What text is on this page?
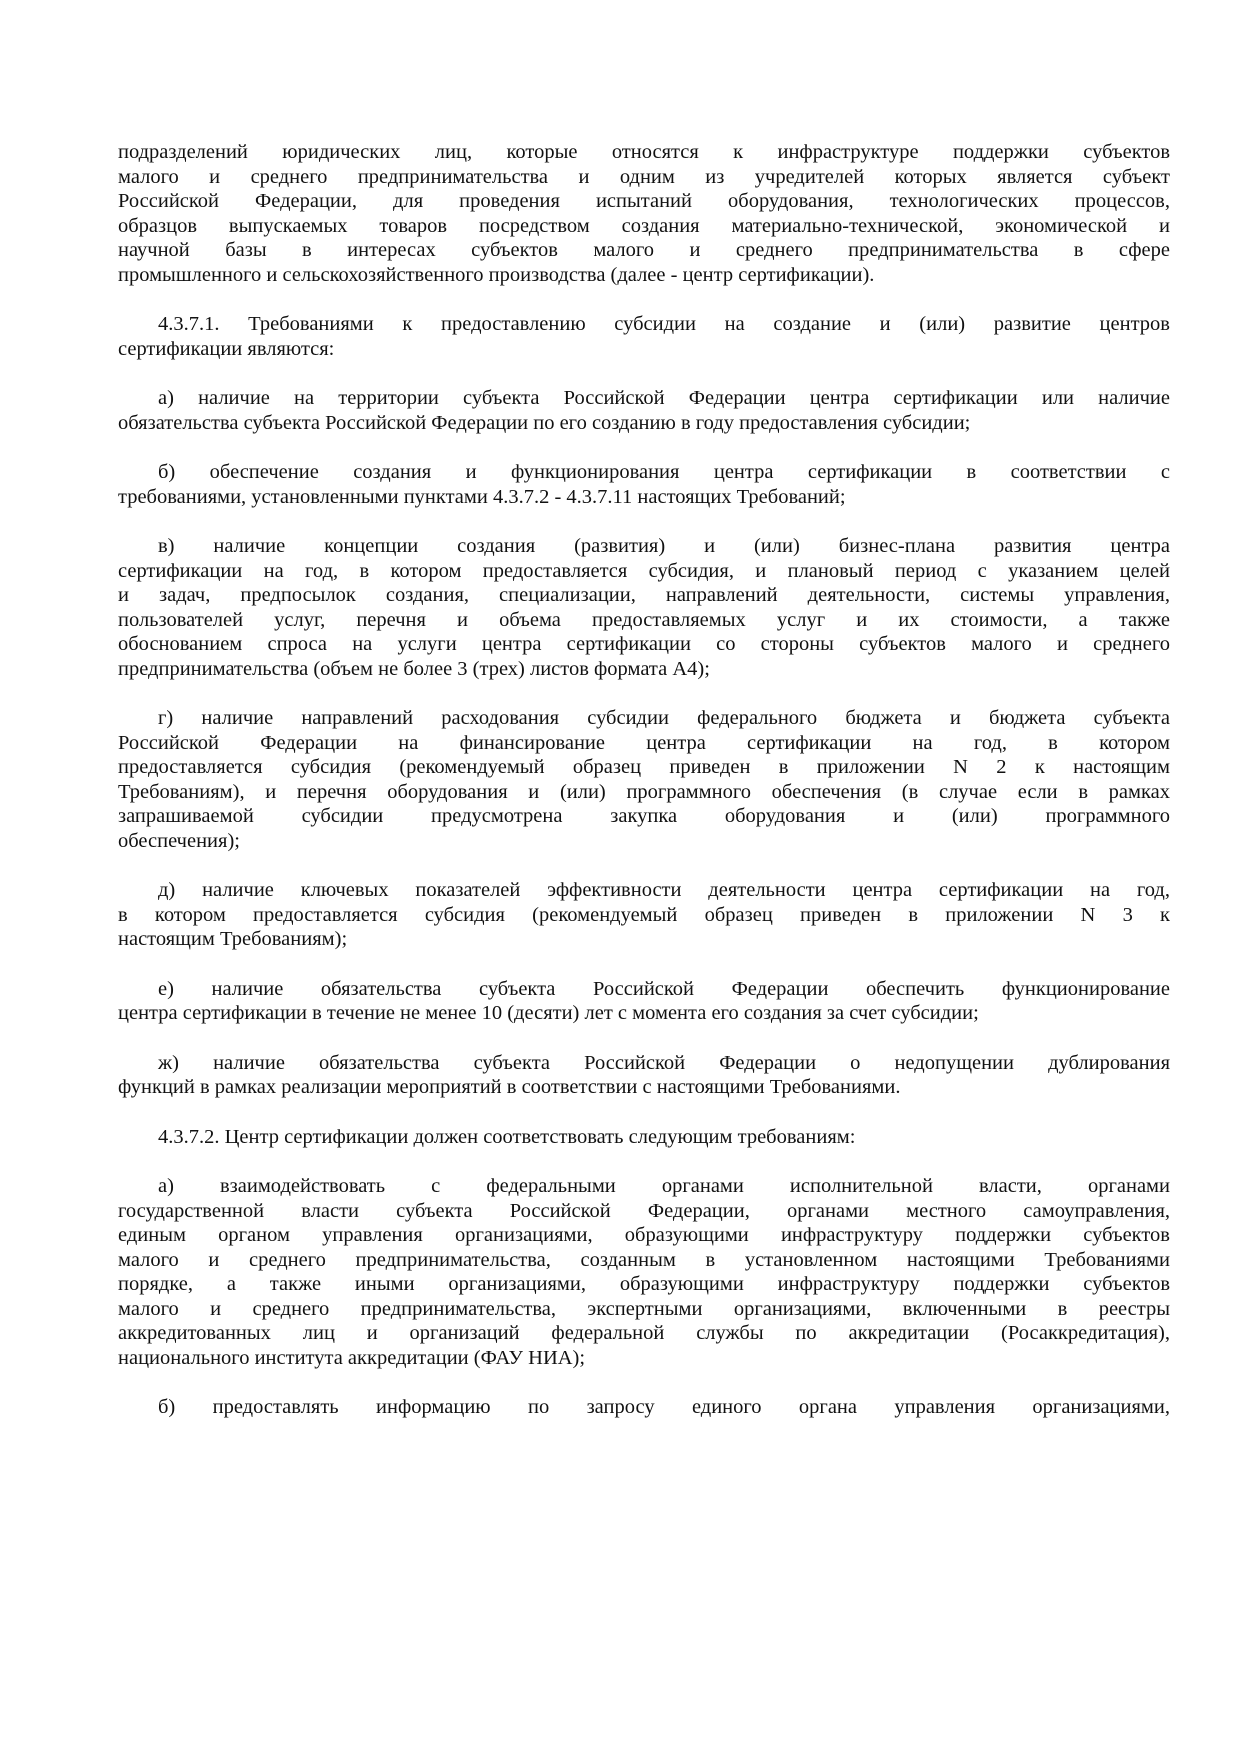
подразделений юридических лиц, которые относятся к инфраструктуре поддержки субъектов
малого и среднего предпринимательства и одним из учредителей которых является субъект
Российской Федерации, для проведения испытаний оборудования, технологических процессов,
образцов выпускаемых товаров посредством создания материально-технической, экономической и
научной базы в интересах субъектов малого и среднего предпринимательства в сфере
промышленного и сельскохозяйственного производства (далее - центр сертификации).
4.3.7.1. Требованиями к предоставлению субсидии на создание и (или) развитие центров
сертификации являются:
а) наличие на территории субъекта Российской Федерации центра сертификации или наличие
обязательства субъекта Российской Федерации по его созданию в году предоставления субсидии;
б) обеспечение создания и функционирования центра сертификации в соответствии с
требованиями, установленными пунктами 4.3.7.2 - 4.3.7.11 настоящих Требований;
в) наличие концепции создания (развития) и (или) бизнес-плана развития центра
сертификации на год, в котором предоставляется субсидия, и плановый период с указанием целей
и задач, предпосылок создания, специализации, направлений деятельности, системы управления,
пользователей услуг, перечня и объема предоставляемых услуг и их стоимости, а также
обоснованием спроса на услуги центра сертификации со стороны субъектов малого и среднего
предпринимательства (объем не более 3 (трех) листов формата А4);
г) наличие направлений расходования субсидии федерального бюджета и бюджета субъекта
Российской Федерации на финансирование центра сертификации на год, в котором
предоставляется субсидия (рекомендуемый образец приведен в приложении N 2 к настоящим
Требованиям), и перечня оборудования и (или) программного обеспечения (в случае если в рамках
запрашиваемой субсидии предусмотрена закупка оборудования и (или) программного
обеспечения);
д) наличие ключевых показателей эффективности деятельности центра сертификации на год,
в котором предоставляется субсидия (рекомендуемый образец приведен в приложении N 3 к
настоящим Требованиям);
е) наличие обязательства субъекта Российской Федерации обеспечить функционирование
центра сертификации в течение не менее 10 (десяти) лет с момента его создания за счет субсидии;
ж) наличие обязательства субъекта Российской Федерации о недопущении дублирования
функций в рамках реализации мероприятий в соответствии с настоящими Требованиями.
4.3.7.2. Центр сертификации должен соответствовать следующим требованиям:
а) взаимодействовать с федеральными органами исполнительной власти, органами
государственной власти субъекта Российской Федерации, органами местного самоуправления,
единым органом управления организациями, образующими инфраструктуру поддержки субъектов
малого и среднего предпринимательства, созданным в установленном настоящими Требованиями
порядке, а также иными организациями, образующими инфраструктуру поддержки субъектов
малого и среднего предпринимательства, экспертными организациями, включенными в реестры
аккредитованных лиц и организаций федеральной службы по аккредитации (Росаккредитация),
национального института аккредитации (ФАУ НИА);
б) предоставлять информацию по запросу единого органа управления организациями,
